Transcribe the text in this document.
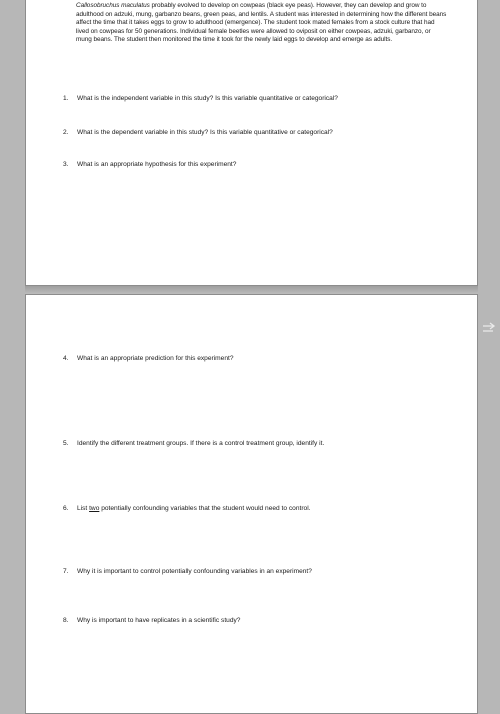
Callosobruchus maculatus probably evolved to develop on cowpeas (black eye peas). However, they can develop and grow to adulthood on adzuki, mung, garbanzo beans, green peas, and lentils. A student was interested in determining how the different beans affect the time that it takes eggs to grow to adulthood (emergence). The student took mated females from a stock culture that had lived on cowpeas for 50 generations. Individual female beetles were allowed to oviposit on either cowpeas, adzuki, garbanzo, or mung beans. The student then monitored the time it took for the newly laid eggs to develop and emerge as adults.
1. What is the independent variable in this study? Is this variable quantitative or categorical?
2. What is the dependent variable in this study? Is this variable quantitative or categorical?
3. What is an appropriate hypothesis for this experiment?
4. What is an appropriate prediction for this experiment?
5. Identify the different treatment groups. If there is a control treatment group, identify it.
6. List two potentially confounding variables that the student would need to control.
7. Why it is important to control potentially confounding variables in an experiment?
8. Why is important to have replicates in a scientific study?
